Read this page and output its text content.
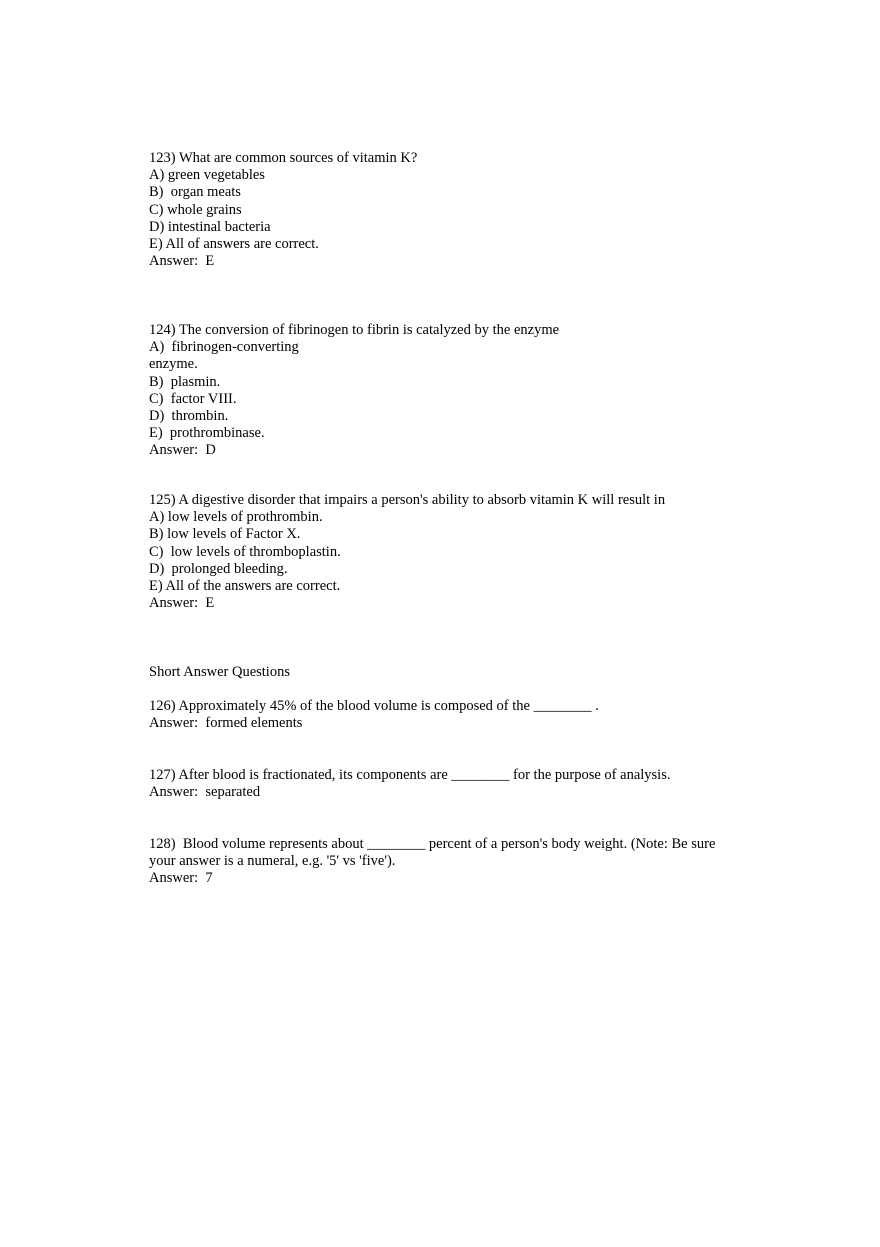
123) What are common sources of vitamin K?
A) green vegetables
B)  organ meats
C) whole grains
D) intestinal bacteria
E) All of answers are correct.
Answer:  E
124) The conversion of fibrinogen to fibrin is catalyzed by the enzyme
A)  fibrinogen-converting
enzyme.
B)  plasmin.
C)  factor VIII.
D)  thrombin.
E)  prothrombinase.
Answer:  D
125) A digestive disorder that impairs a person's ability to absorb vitamin K will result in
A) low levels of prothrombin.
B) low levels of Factor X.
C)  low levels of thromboplastin.
D)  prolonged bleeding.
E) All of the answers are correct.
Answer:  E
Short Answer Questions
126) Approximately 45% of the blood volume is composed of the ________ .
Answer:  formed elements
127) After blood is fractionated, its components are ________ for the purpose of analysis.
Answer:  separated
128)  Blood volume represents about ________ percent of a person's body weight. (Note: Be sure
your answer is a numeral, e.g. '5' vs 'five').
Answer:  7
